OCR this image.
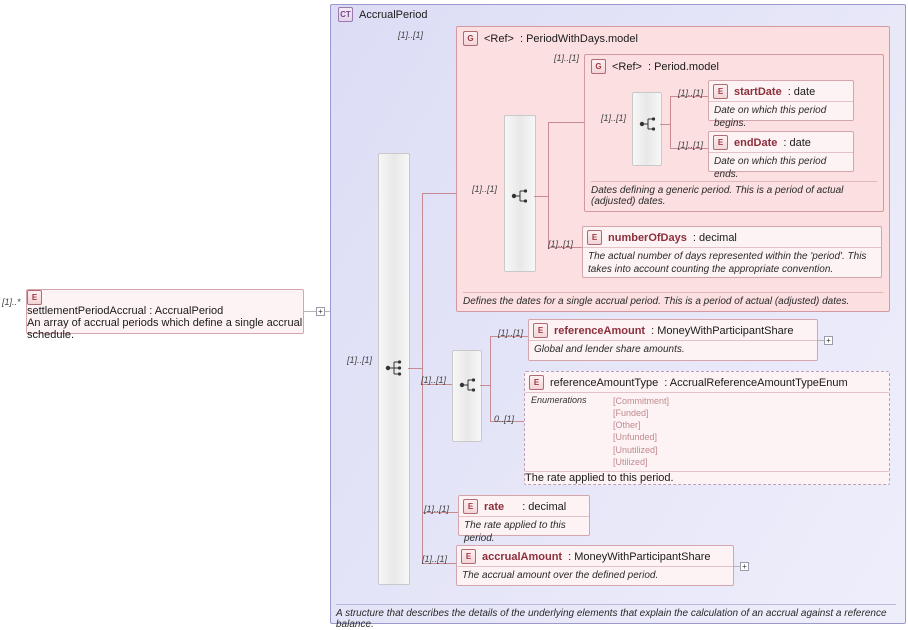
[1]..*	E
settlementPeriodAccrual : AccrualPeriod
An array of accrual periods which define a single accrual schedule.
+
CT AccrualPeriod
A structure that describes the details of the underlying elements that explain the calculation of an accrual against a reference balance.
[1]..[1]
[1]..[1]	G <Ref> : PeriodWithDays.model
Defines the dates for a single accrual period. This is a period of actual (adjusted) dates.
[1]..[1]
[1]..[1]
G <Ref> : Period.model
Dates defining a generic period. This is a period of actual (adjusted) dates.
[1]..[1]
[1]..[1]	E startDate : date
Date on which this period begins.
[1]..[1]	E endDate : date
Date on which this period ends.
[1]..[1]
E numberOfDays : decimal
The actual number of days represented within the 'period'. This takes into account counting the appropriate convention.
[1]..[1]
[1]..[1]	E referenceAmount : MoneyWithParticipantShare
Global and lender share amounts.
+
0..[1]
E referenceAmountType : AccrualReferenceAmountTypeEnum
Enumerations	[Commitment]
[Funded]
[Other]
[Unfunded]
[Unutilized]
[Utilized]
The rate applied to this period.
[1]..[1]	E rate : decimal
The rate applied to this period.
[1]..[1]	E accrualAmount : MoneyWithParticipantShare
The accrual amount over the defined period.
+
